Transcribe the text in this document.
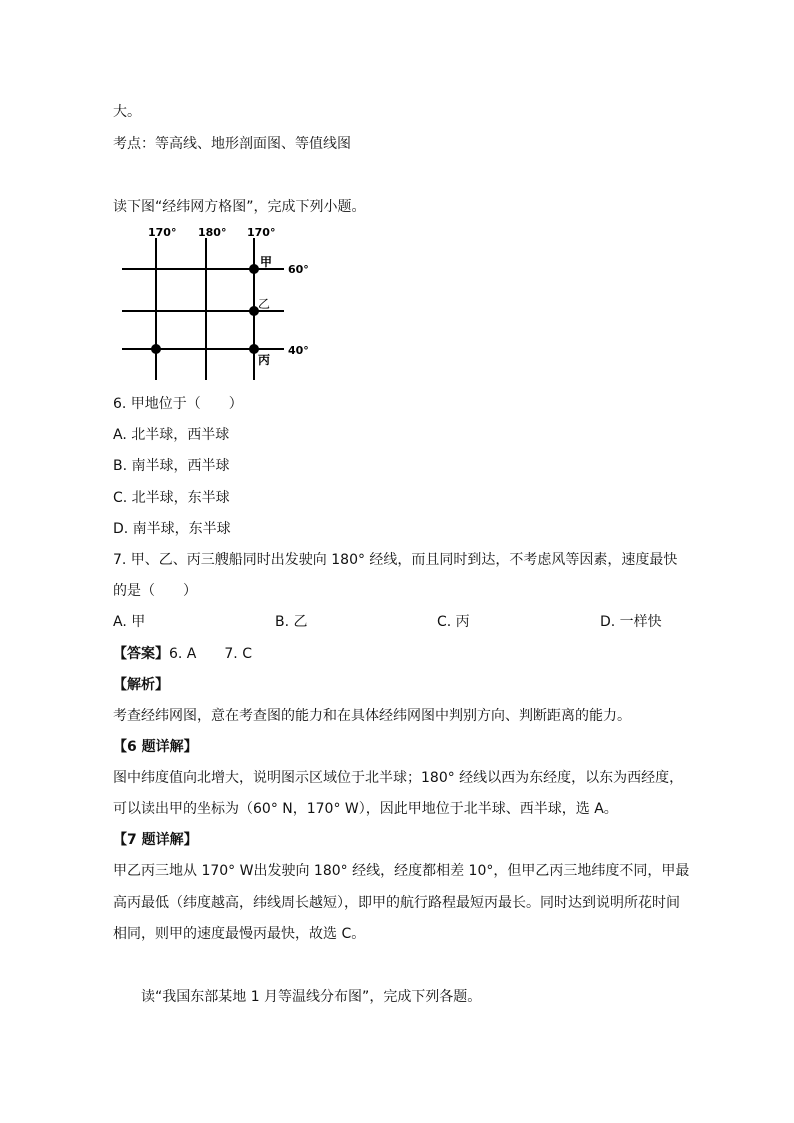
大。
考点：等高线、地形剖面图、等值线图
读下图“经纬网方格图”，完成下列小题。
170° 180° 170°
60°
40°
甲
乙
丙
6. 甲地位于（　　）
A. 北半球，西半球
B. 南半球，西半球
C. 北半球，东半球
D. 南半球，东半球
7. 甲、乙、丙三艘船同时出发驶向 180° 经线，而且同时到达，不考虑风等因素，速度最快
的是（　　）
A. 甲	B. 乙	C. 丙	D. 一样快
【答案】6. A　　7. C
【解析】
考查经纬网图，意在考查图的能力和在具体经纬网图中判别方向、判断距离的能力。
【6 题详解】
图中纬度值向北增大，说明图示区域位于北半球；180° 经线以西为东经度，以东为西经度，
可以读出甲的坐标为（60° N，170° W），因此甲地位于北半球、西半球，选 A。
【7 题详解】
甲乙丙三地从 170° W出发驶向 180° 经线，经度都相差 10°，但甲乙丙三地纬度不同，甲最
高丙最低（纬度越高，纬线周长越短），即甲的航行路程最短丙最长。同时达到说明所花时间
相同，则甲的速度最慢丙最快，故选 C。
读“我国东部某地 1 月等温线分布图”，完成下列各题。
